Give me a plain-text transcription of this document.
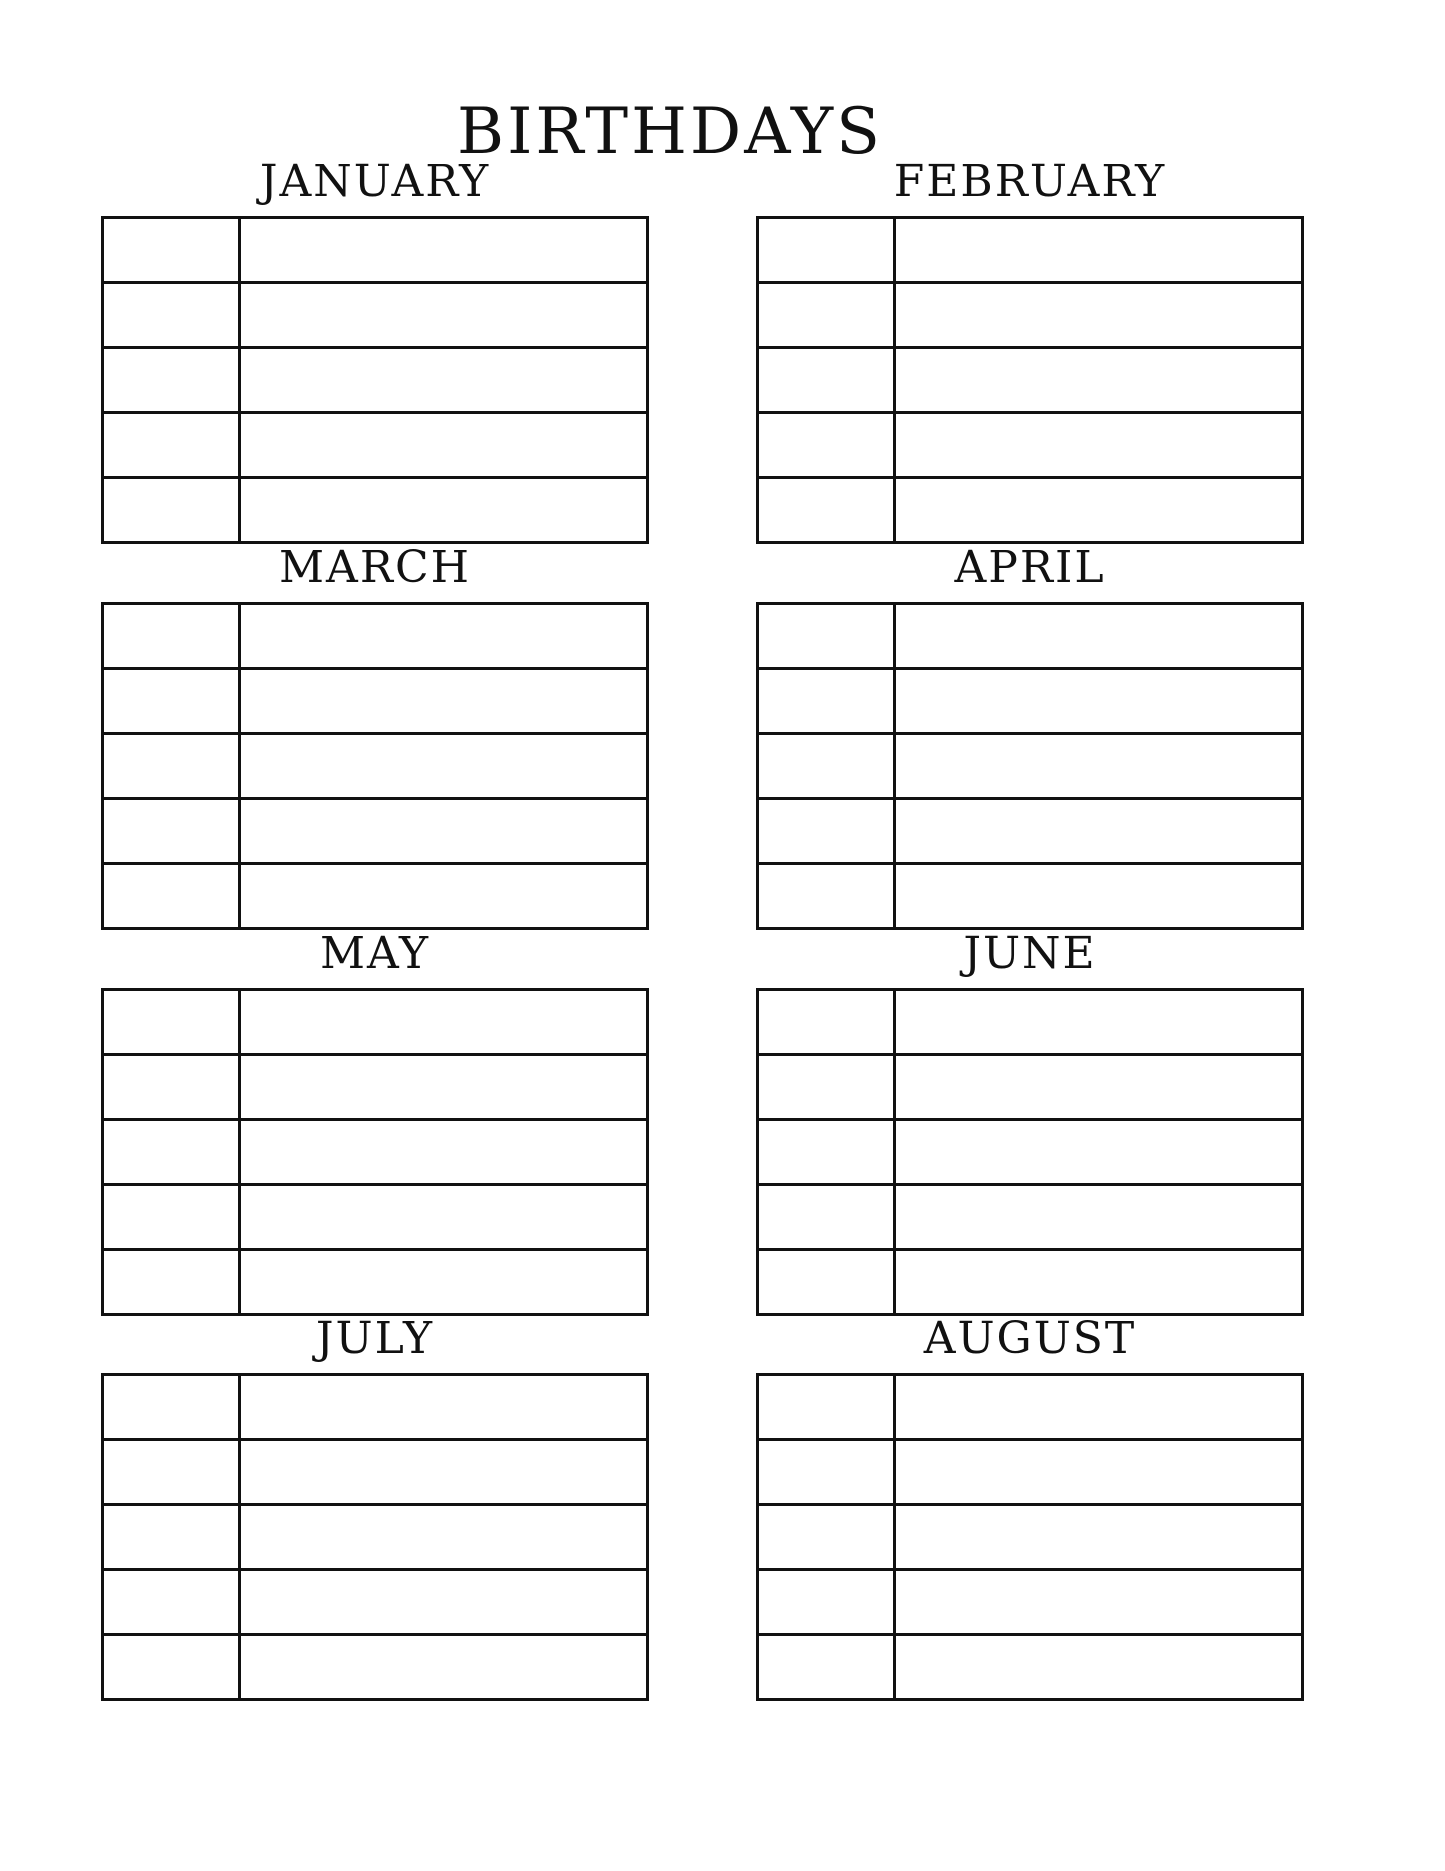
BIRTHDAYS
JANUARY

		FEBRUARY

MARCH

		APRIL

MAY

		JUNE

JULY

		AUGUST
